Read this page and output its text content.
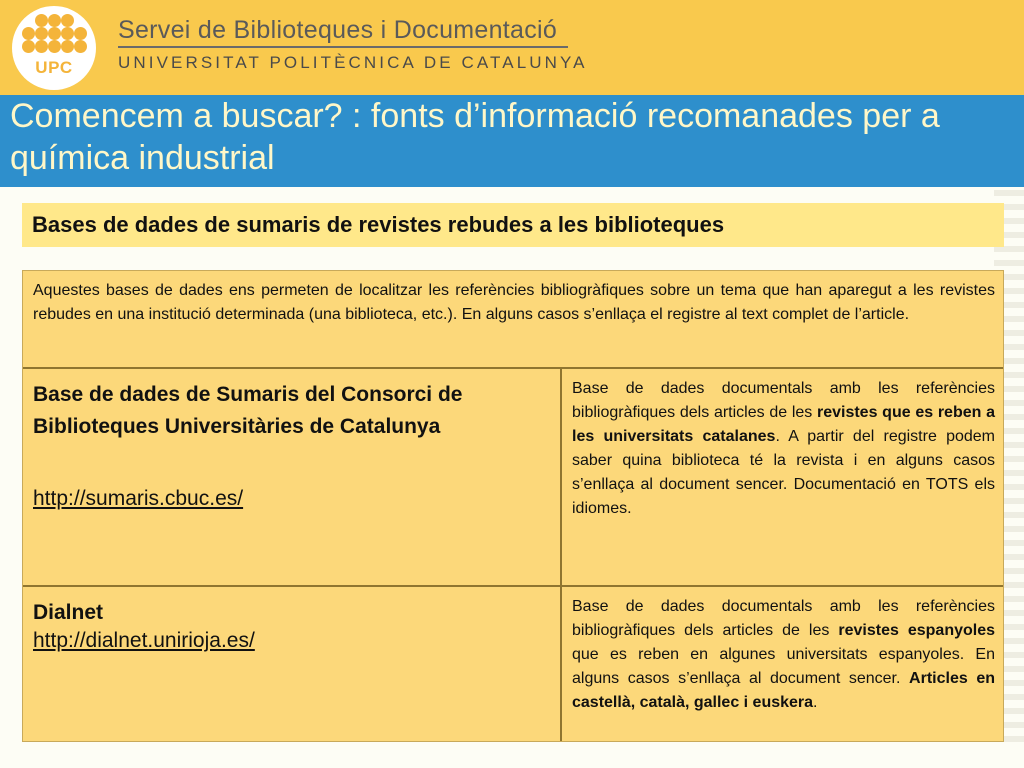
UPC
Servei de Biblioteques i Documentació
UNIVERSITAT POLITÈCNICA DE CATALUNYA
Comencem a buscar? : fonts d’informació recomanades per a química industrial
Bases de dades de sumaris de revistes rebudes a les biblioteques

Aquestes bases de dades ens permeten de localitzar les referències bibliogràfiques sobre un tema que han aparegut a les revistes rebudes en una institució determinada (una biblioteca, etc.). En alguns casos s’enllaça el registre al text complet de l’article.

Base de dades de Sumaris del Consorci de Biblioteques Universitàries de Catalunya
http://sumaris.cbuc.es/
Base de dades documentals amb les referències bibliogràfiques dels articles de les revistes que es reben a les universitats catalanes. A partir del registre podem saber quina biblioteca té la revista i en alguns casos s’enllaça al document sencer. Documentació en TOTS els idiomes.
Dialnet
http://dialnet.unirioja.es/
Base de dades documentals amb les referències bibliogràfiques dels articles de les revistes espanyoles que es reben en algunes universitats espanyoles. En alguns casos s’enllaça al document sencer. Articles en castellà, català, gallec i euskera.
